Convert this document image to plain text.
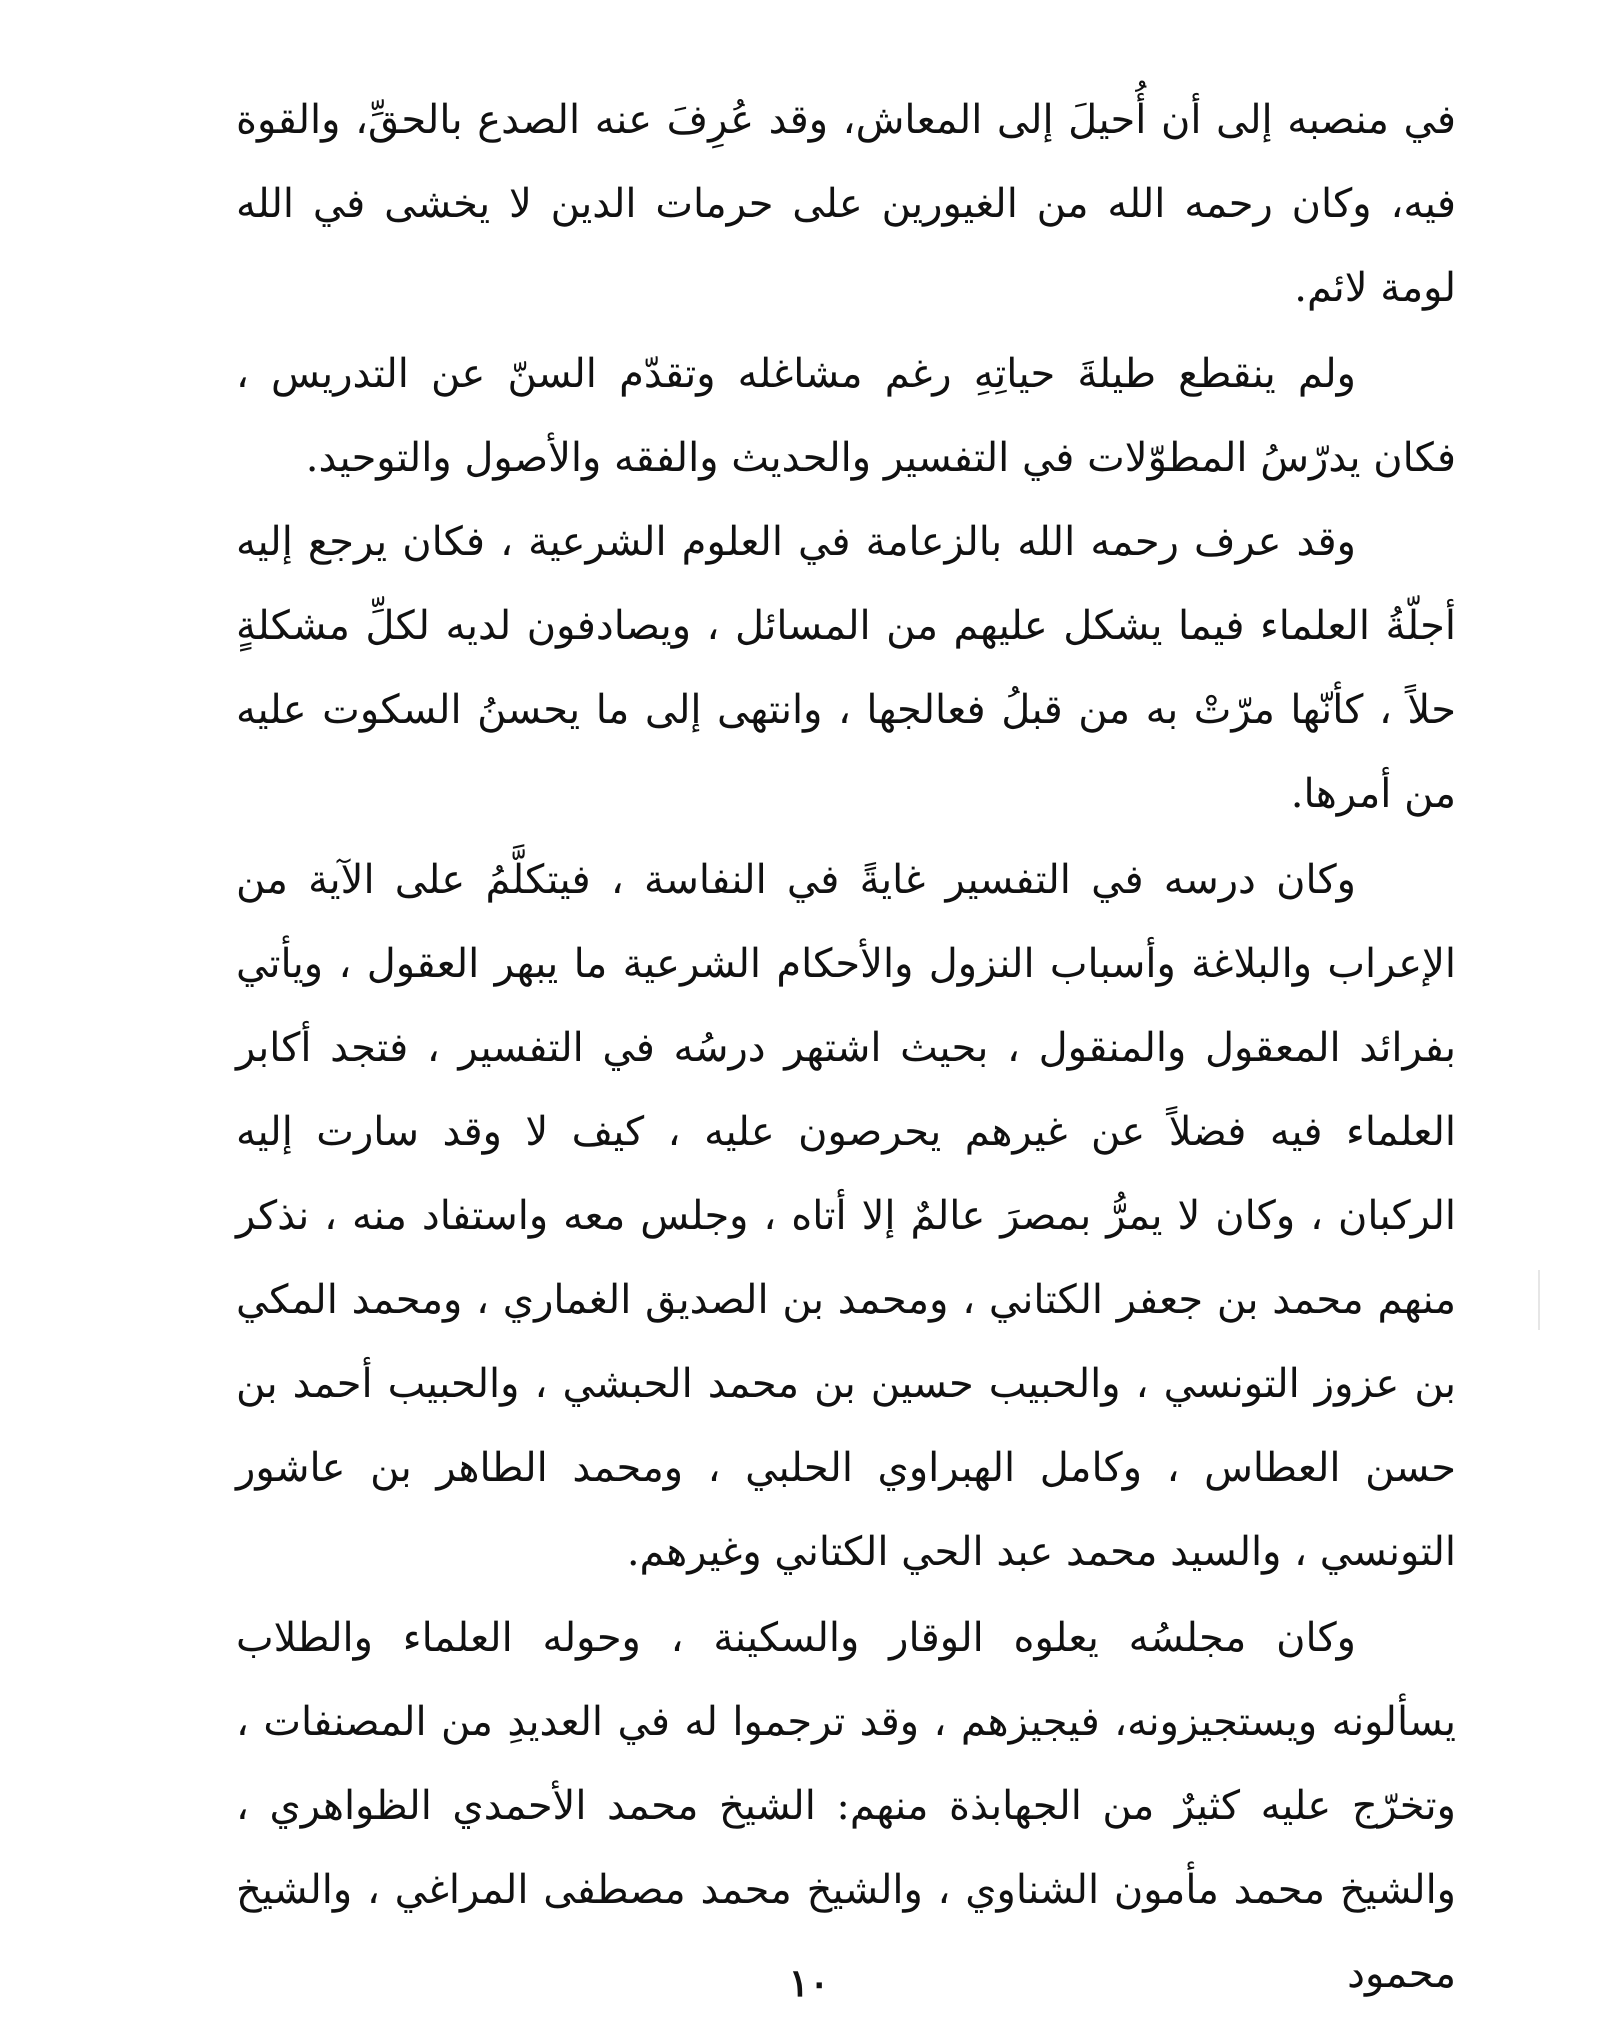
في منصبه إلى أن أُحيلَ إلى المعاش، وقد عُرِفَ عنه الصدع بالحقِّ، والقوة فيه، وكان رحمه الله من الغيورين على حرمات الدين لا يخشى في الله لومة لائم.

ولم ينقطع طيلةَ حياتِهِ رغم مشاغله وتقدّم السنّ عن التدريس ، فكان يدرّسُ المطوّلات في التفسير والحديث والفقه والأصول والتوحيد.

وقد عرف رحمه الله بالزعامة في العلوم الشرعية ، فكان يرجع إليه أجلّةُ العلماء فيما يشكل عليهم من المسائل ، ويصادفون لديه لكلِّ مشكلةٍ حلاً ، كأنّها مرّتْ به من قبلُ فعالجها ، وانتهى إلى ما يحسنُ السكوت عليه من أمرها.

وكان درسه في التفسير غايةً في النفاسة ، فيتكلَّمُ على الآية من الإعراب والبلاغة وأسباب النزول والأحكام الشرعية ما يبهر العقول ، ويأتي بفرائد المعقول والمنقول ، بحيث اشتهر درسُه في التفسير ، فتجد أكابر العلماء فيه فضلاً عن غيرهم يحرصون عليه ، كيف لا وقد سارت إليه الركبان ، وكان لا يمرُّ بمصرَ عالمٌ إلا أتاه ، وجلس معه واستفاد منه ، نذكر منهم محمد بن جعفر الكتاني ، ومحمد بن الصديق الغماري ، ومحمد المكي بن عزوز التونسي ، والحبيب حسين بن محمد الحبشي ، والحبيب أحمد بن حسن العطاس ، وكامل الهبراوي الحلبي ، ومحمد الطاهر بن عاشور التونسي ، والسيد محمد عبد الحي الكتاني وغيرهم.

وكان مجلسُه يعلوه الوقار والسكينة ، وحوله العلماء والطلاب يسألونه ويستجيزونه، فيجيزهم ، وقد ترجموا له في العديدِ من المصنفات ، وتخرّج عليه كثيرٌ من الجهابذة منهم: الشيخ محمد الأحمدي الظواهري ، والشيخ محمد مأمون الشناوي ، والشيخ محمد مصطفى المراغي ، والشيخ محمود

١٠
